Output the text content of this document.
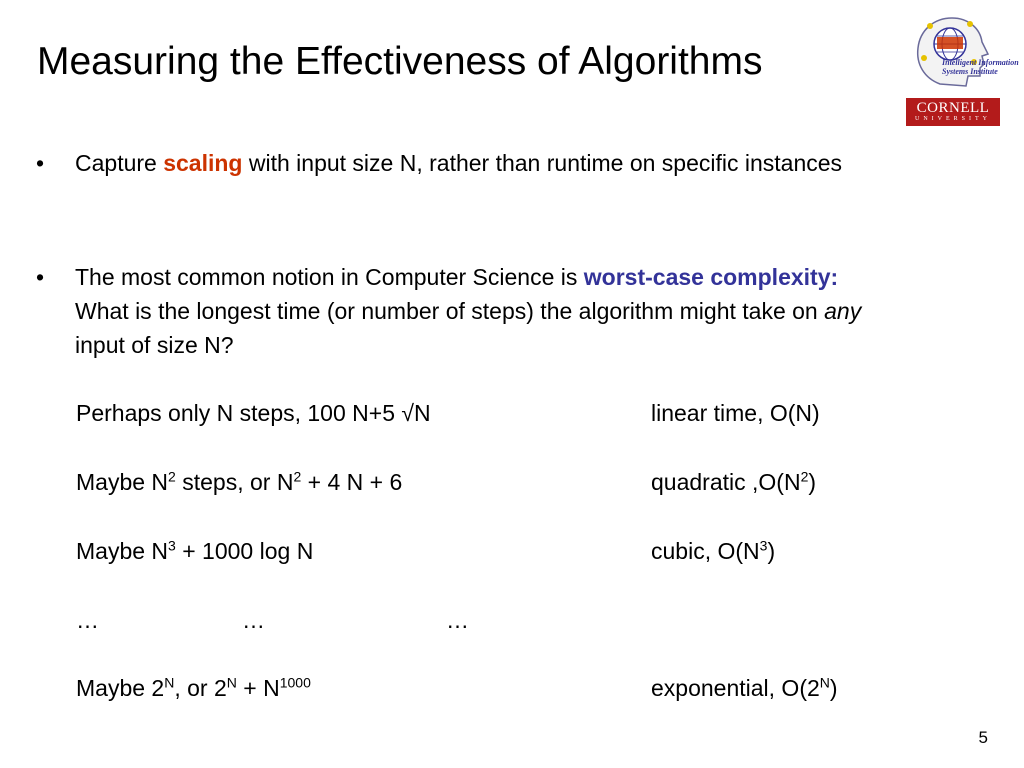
Measuring the Effectiveness of Algorithms	Intelligent Information
Systems Institute
CORNELL
UNIVERSITY
• Capture scaling with input size N, rather than runtime on specific instances
• The most common notion in Computer Science is worst-case complexity: What is the longest time (or number of steps) the algorithm might take on any input of size N?
Perhaps only N steps, 100 N+5 √N	linear time, O(N)
Maybe $N^2$ steps, or $N^2 + 4$ N + 6	quadratic $,O(N^2)$
Maybe $N^3 + 1000$ log N	cubic, $O(N^3)$
…	…	…
Maybe $2^N$, or $2^N + N^{1000}$	exponential, $O(2^N)$
5
